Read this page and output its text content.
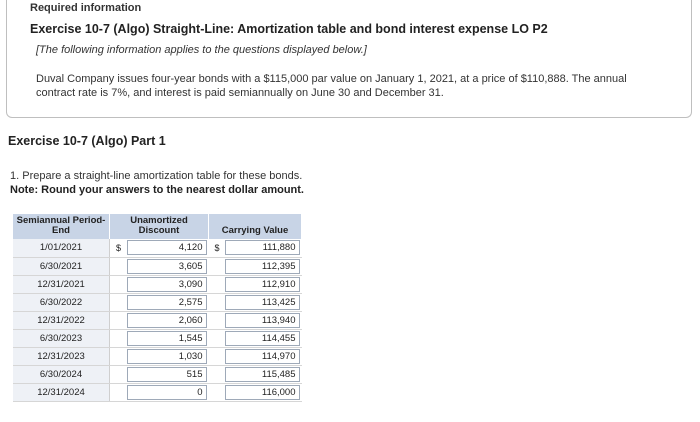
Required information
Exercise 10-7 (Algo) Straight-Line: Amortization table and bond interest expense LO P2
[The following information applies to the questions displayed below.]
Duval Company issues four-year bonds with a $115,000 par value on January 1, 2021, at a price of $110,888. The annual contract rate is 7%, and interest is paid semiannually on June 30 and December 31.
Exercise 10-7 (Algo) Part 1
1. Prepare a straight-line amortization table for these bonds.
Note: Round your answers to the nearest dollar amount.
Semiannual Period-End	Unamortized Discount		Carrying Value	
1/01/2021	$	4,120	$	111,880

6/30/2021		3,605		112,395

12/31/2021		3,090		112,910

6/30/2022		2,575		113,425

12/31/2022		2,060		113,940

6/30/2023		1,545		114,455

12/31/2023		1,030		114,970

6/30/2024		515		115,485

12/31/2024		0		116,000
